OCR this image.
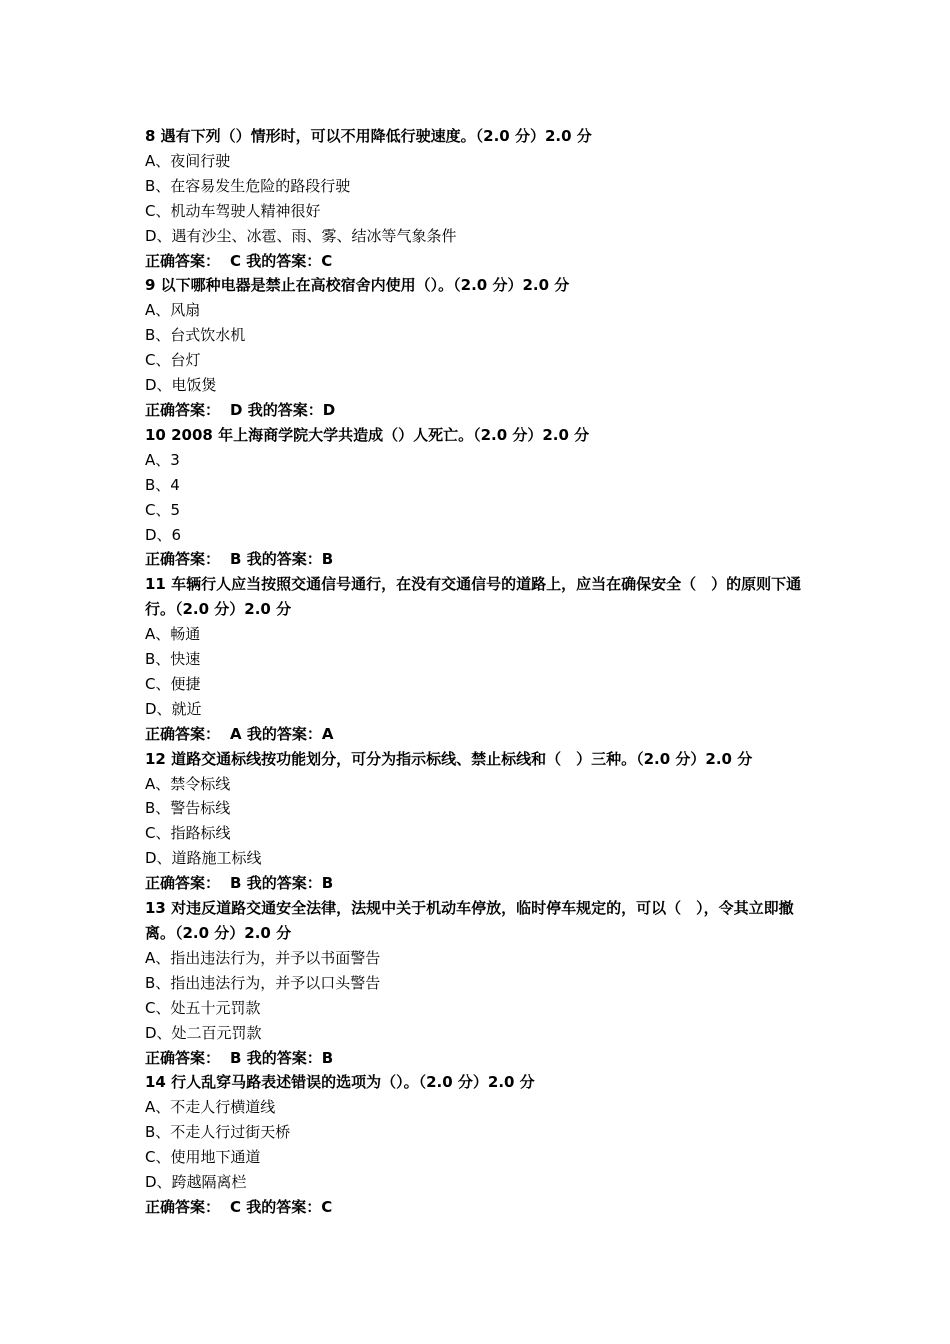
8 遇有下列（）情形时，可以不用降低行驶速度。（2.0 分）2.0 分
A、夜间行驶
B、在容易发生危险的路段行驶
C、机动车驾驶人精神很好
D、遇有沙尘、冰雹、雨、雾、结冰等气象条件
正确答案： C 我的答案：C
9 以下哪种电器是禁止在高校宿舍内使用（）。（2.0 分）2.0 分
A、风扇
B、台式饮水机
C、台灯
D、电饭煲
正确答案： D 我的答案：D
10 2008 年上海商学院大学共造成（）人死亡。（2.0 分）2.0 分
A、3
B、4
C、5
D、6
正确答案： B 我的答案：B
11 车辆行人应当按照交通信号通行，在没有交通信号的道路上，应当在确保安全（　）的原则下通行。（2.0 分）2.0 分
A、畅通
B、快速
C、便捷
D、就近
正确答案： A 我的答案：A
12 道路交通标线按功能划分，可分为指示标线、禁止标线和（　）三种。（2.0 分）2.0 分
A、禁令标线
B、警告标线
C、指路标线
D、道路施工标线
正确答案： B 我的答案：B
13 对违反道路交通安全法律，法规中关于机动车停放，临时停车规定的，可以（　），令其立即撤离。（2.0 分）2.0 分
A、指出违法行为，并予以书面警告
B、指出违法行为，并予以口头警告
C、处五十元罚款
D、处二百元罚款
正确答案： B 我的答案：B
14 行人乱穿马路表述错误的选项为（）。（2.0 分）2.0 分
A、不走人行横道线
B、不走人行过街天桥
C、使用地下通道
D、跨越隔离栏
正确答案： C 我的答案：C
